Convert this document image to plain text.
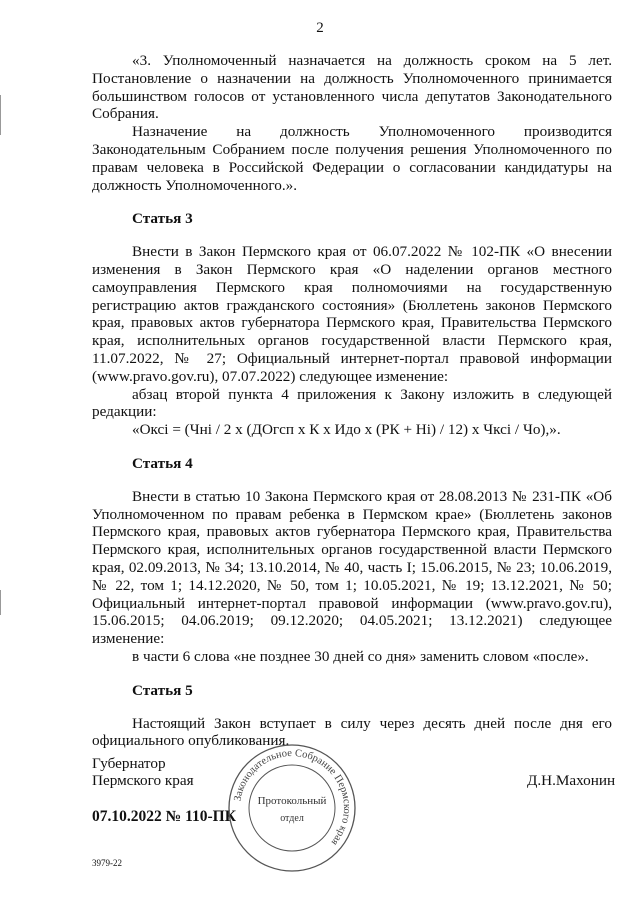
2

«3. Уполномоченный назначается на должность сроком на 5 лет. Постановление о назначении на должность Уполномоченного принимается большинством голосов от установленного числа депутатов Законодательного Собрания.

Назначение на должность Уполномоченного производится Законодательным Собранием после получения решения Уполномоченного по правам человека в Российской Федерации о согласовании кандидатуры на должность Уполномоченного.».

Статья 3

Внести в Закон Пермского края от 06.07.2022 № 102-ПК «О внесении изменения в Закон Пермского края «О наделении органов местного самоуправления Пермского края полномочиями на государственную регистрацию актов гражданского состояния» (Бюллетень законов Пермского края, правовых актов губернатора Пермского края, Правительства Пермского края, исполнительных органов государственной власти Пермского края, 11.07.2022, № 27; Официальный интернет-портал правовой информации (www.pravo.gov.ru), 07.07.2022) следующее изменение:

абзац второй пункта 4 приложения к Закону изложить в следующей редакции:

«Оксі = (Чні / 2 х (ДОгсп х К х Идо х (РК + Ні) / 12) х Чксі / Чо),».

Статья 4

Внести в статью 10 Закона Пермского края от 28.08.2013 № 231-ПК «Об Уполномоченном по правам ребенка в Пермском крае» (Бюллетень законов Пермского края, правовых актов губернатора Пермского края, Правительства Пермского края, исполнительных органов государственной власти Пермского края, 02.09.2013, № 34; 13.10.2014, № 40, часть I; 15.06.2015, № 23; 10.06.2019, № 22, том 1; 14.12.2020, № 50, том 1; 10.05.2021, № 19; 13.12.2021, № 50; Официальный интернет-портал правовой информации (www.pravo.gov.ru), 15.06.2015; 04.06.2019; 09.12.2020; 04.05.2021; 13.12.2021) следующее изменение:

в части 6 слова «не позднее 30 дней со дня» заменить словом «после».

Статья 5

Настоящий Закон вступает в силу через десять дней после дня его официального опубликования.

Губернатор
Пермского края	Д.Н.Махонин
07.10.2022 № 110-ПК
3979-22
Законодательное Собрание Пермского края
Протокольный
отдел
